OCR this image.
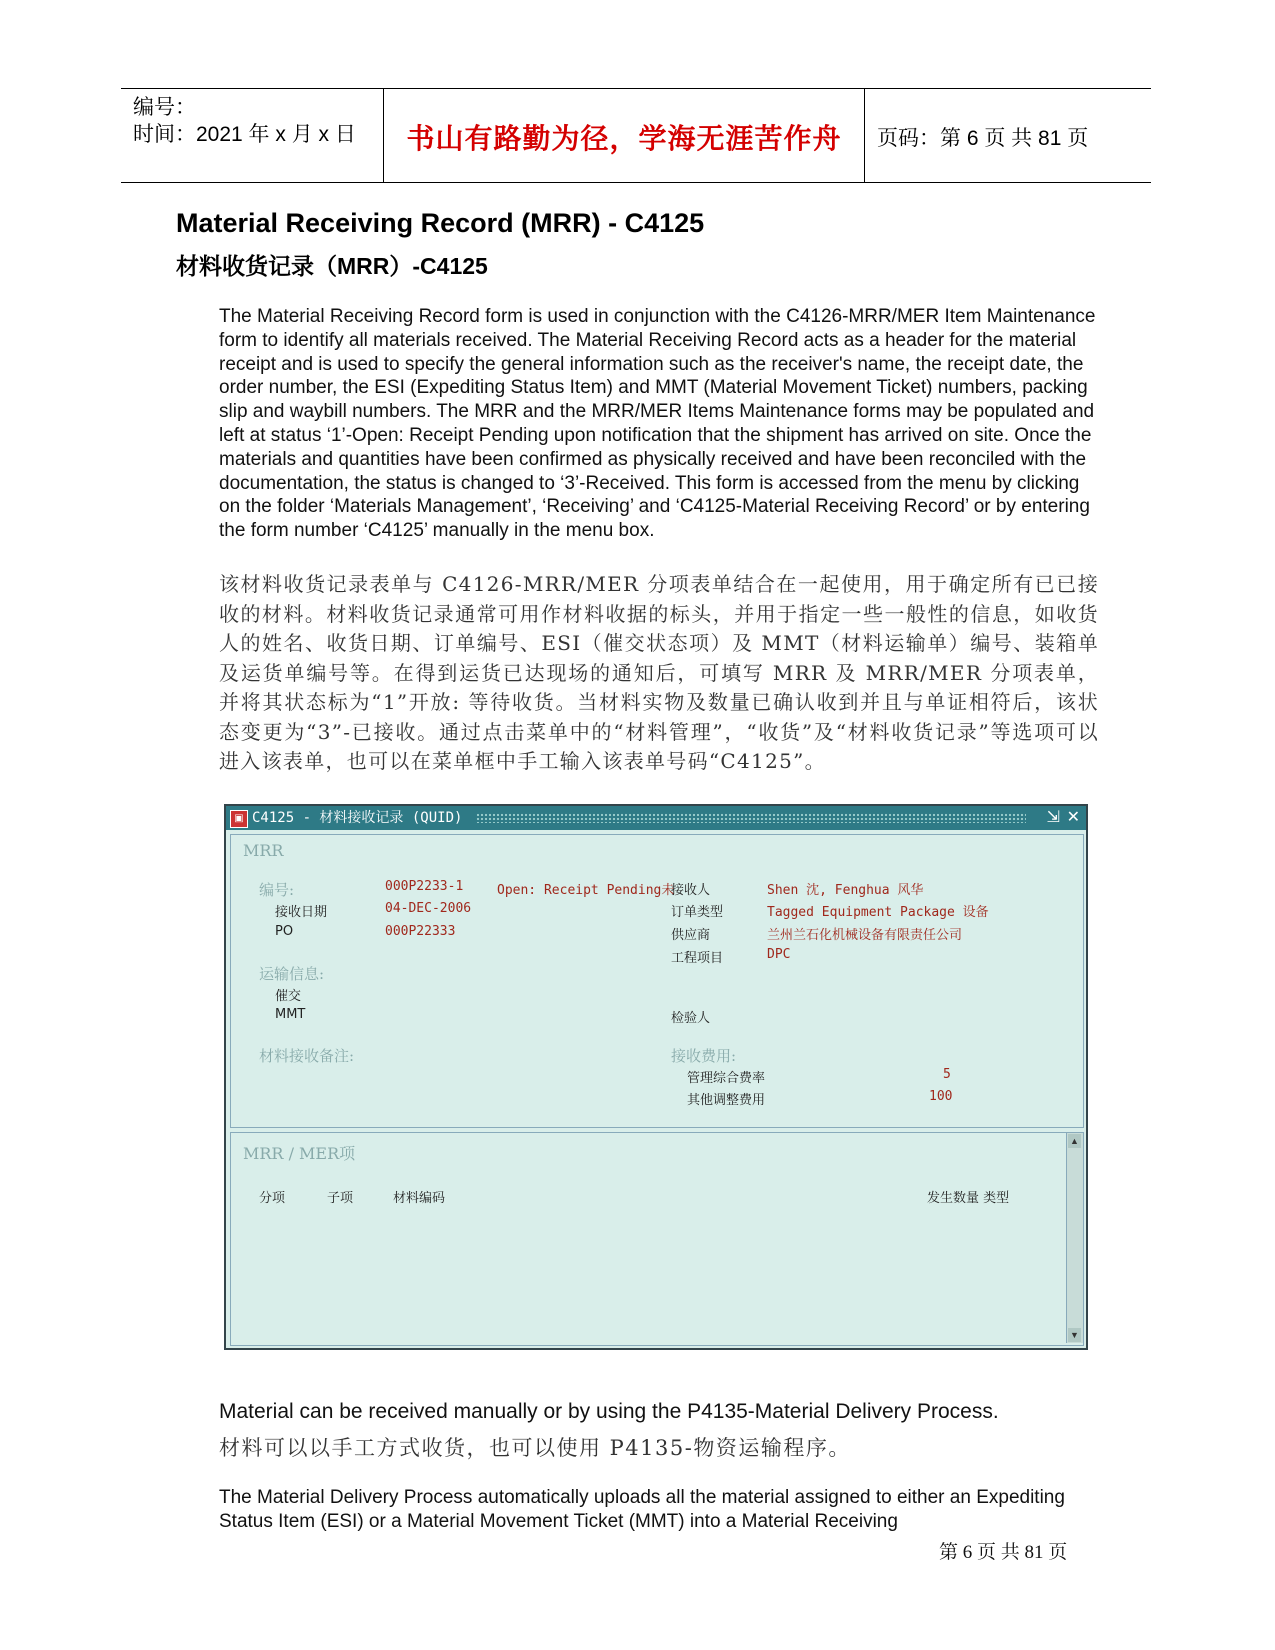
编号：
时间：2021 年 x 月 x 日	书山有路勤为径，学海无涯苦作舟	页码：第 6 页 共 81 页
Material Receiving Record (MRR) - C4125
材料收货记录（MRR）-C4125
The Material Receiving Record form is used in conjunction with the C4126-MRR/MER Item Maintenance form to identify all materials received. The Material Receiving Record acts as a header for the material receipt and is used to specify the general information such as the receiver's name, the receipt date, the order number, the ESI (Expediting Status Item) and MMT (Material Movement Ticket) numbers, packing slip and waybill numbers. The MRR and the MRR/MER Items Maintenance forms may be populated and left at status ‘1’-Open: Receipt Pending upon notification that the shipment has arrived on site. Once the materials and quantities have been confirmed as physically received and have been reconciled with the documentation, the status is changed to ‘3’-Received. This form is accessed from the menu by clicking on the folder ‘Materials Management’, ‘Receiving’ and ‘C4125-Material Receiving Record’ or by entering the form number ‘C4125’ manually in the menu box.
该材料收货记录表单与 C4126-MRR/MER 分项表单结合在一起使用，用于确定所有已已接收的材料。材料收货记录通常可用作材料收据的标头，并用于指定一些一般性的信息，如收货人的姓名、收货日期、订单编号、ESI（催交状态项）及 MMT（材料运输单）编号、装箱单及运货单编号等。在得到运货已达现场的通知后，可填写 MRR 及 MRR/MER 分项表单，并将其状态标为“1”开放: 等待收货。当材料实物及数量已确认收到并且与单证相符后，该状态变更为“3”-已接收。通过点击菜单中的“材料管理”，“收货”及“材料收货记录”等选项可以进入该表单，也可以在菜单框中手工输入该表单号码“C4125”。
▣ C4125 - 材料接收记录 (QUID)	⇲ ✕
MRR
编号:	000P2233-1	Open: Receipt Pending未
接收日期	04-DEC-2006
PO	000P22333
接收人	Shen 沈, Fenghua 风华
订单类型	Tagged Equipment Package 设备
供应商	兰州兰石化机械设备有限责任公司
工程项目	DPC
运输信息:
催交
MMT	检验人
材料接收备注:	接收费用:
管理综合费率	5
其他调整费用	100
MRR / MER项
分项	子项	材料编码	发生数量 类型
▲
▼
Material can be received manually or by using the P4135-Material Delivery Process.
材料可以以手工方式收货，也可以使用 P4135-物资运输程序。
The Material Delivery Process automatically uploads all the material assigned to either an Expediting Status Item (ESI) or a Material Movement Ticket (MMT) into a Material Receiving
第 6 页 共 81 页
